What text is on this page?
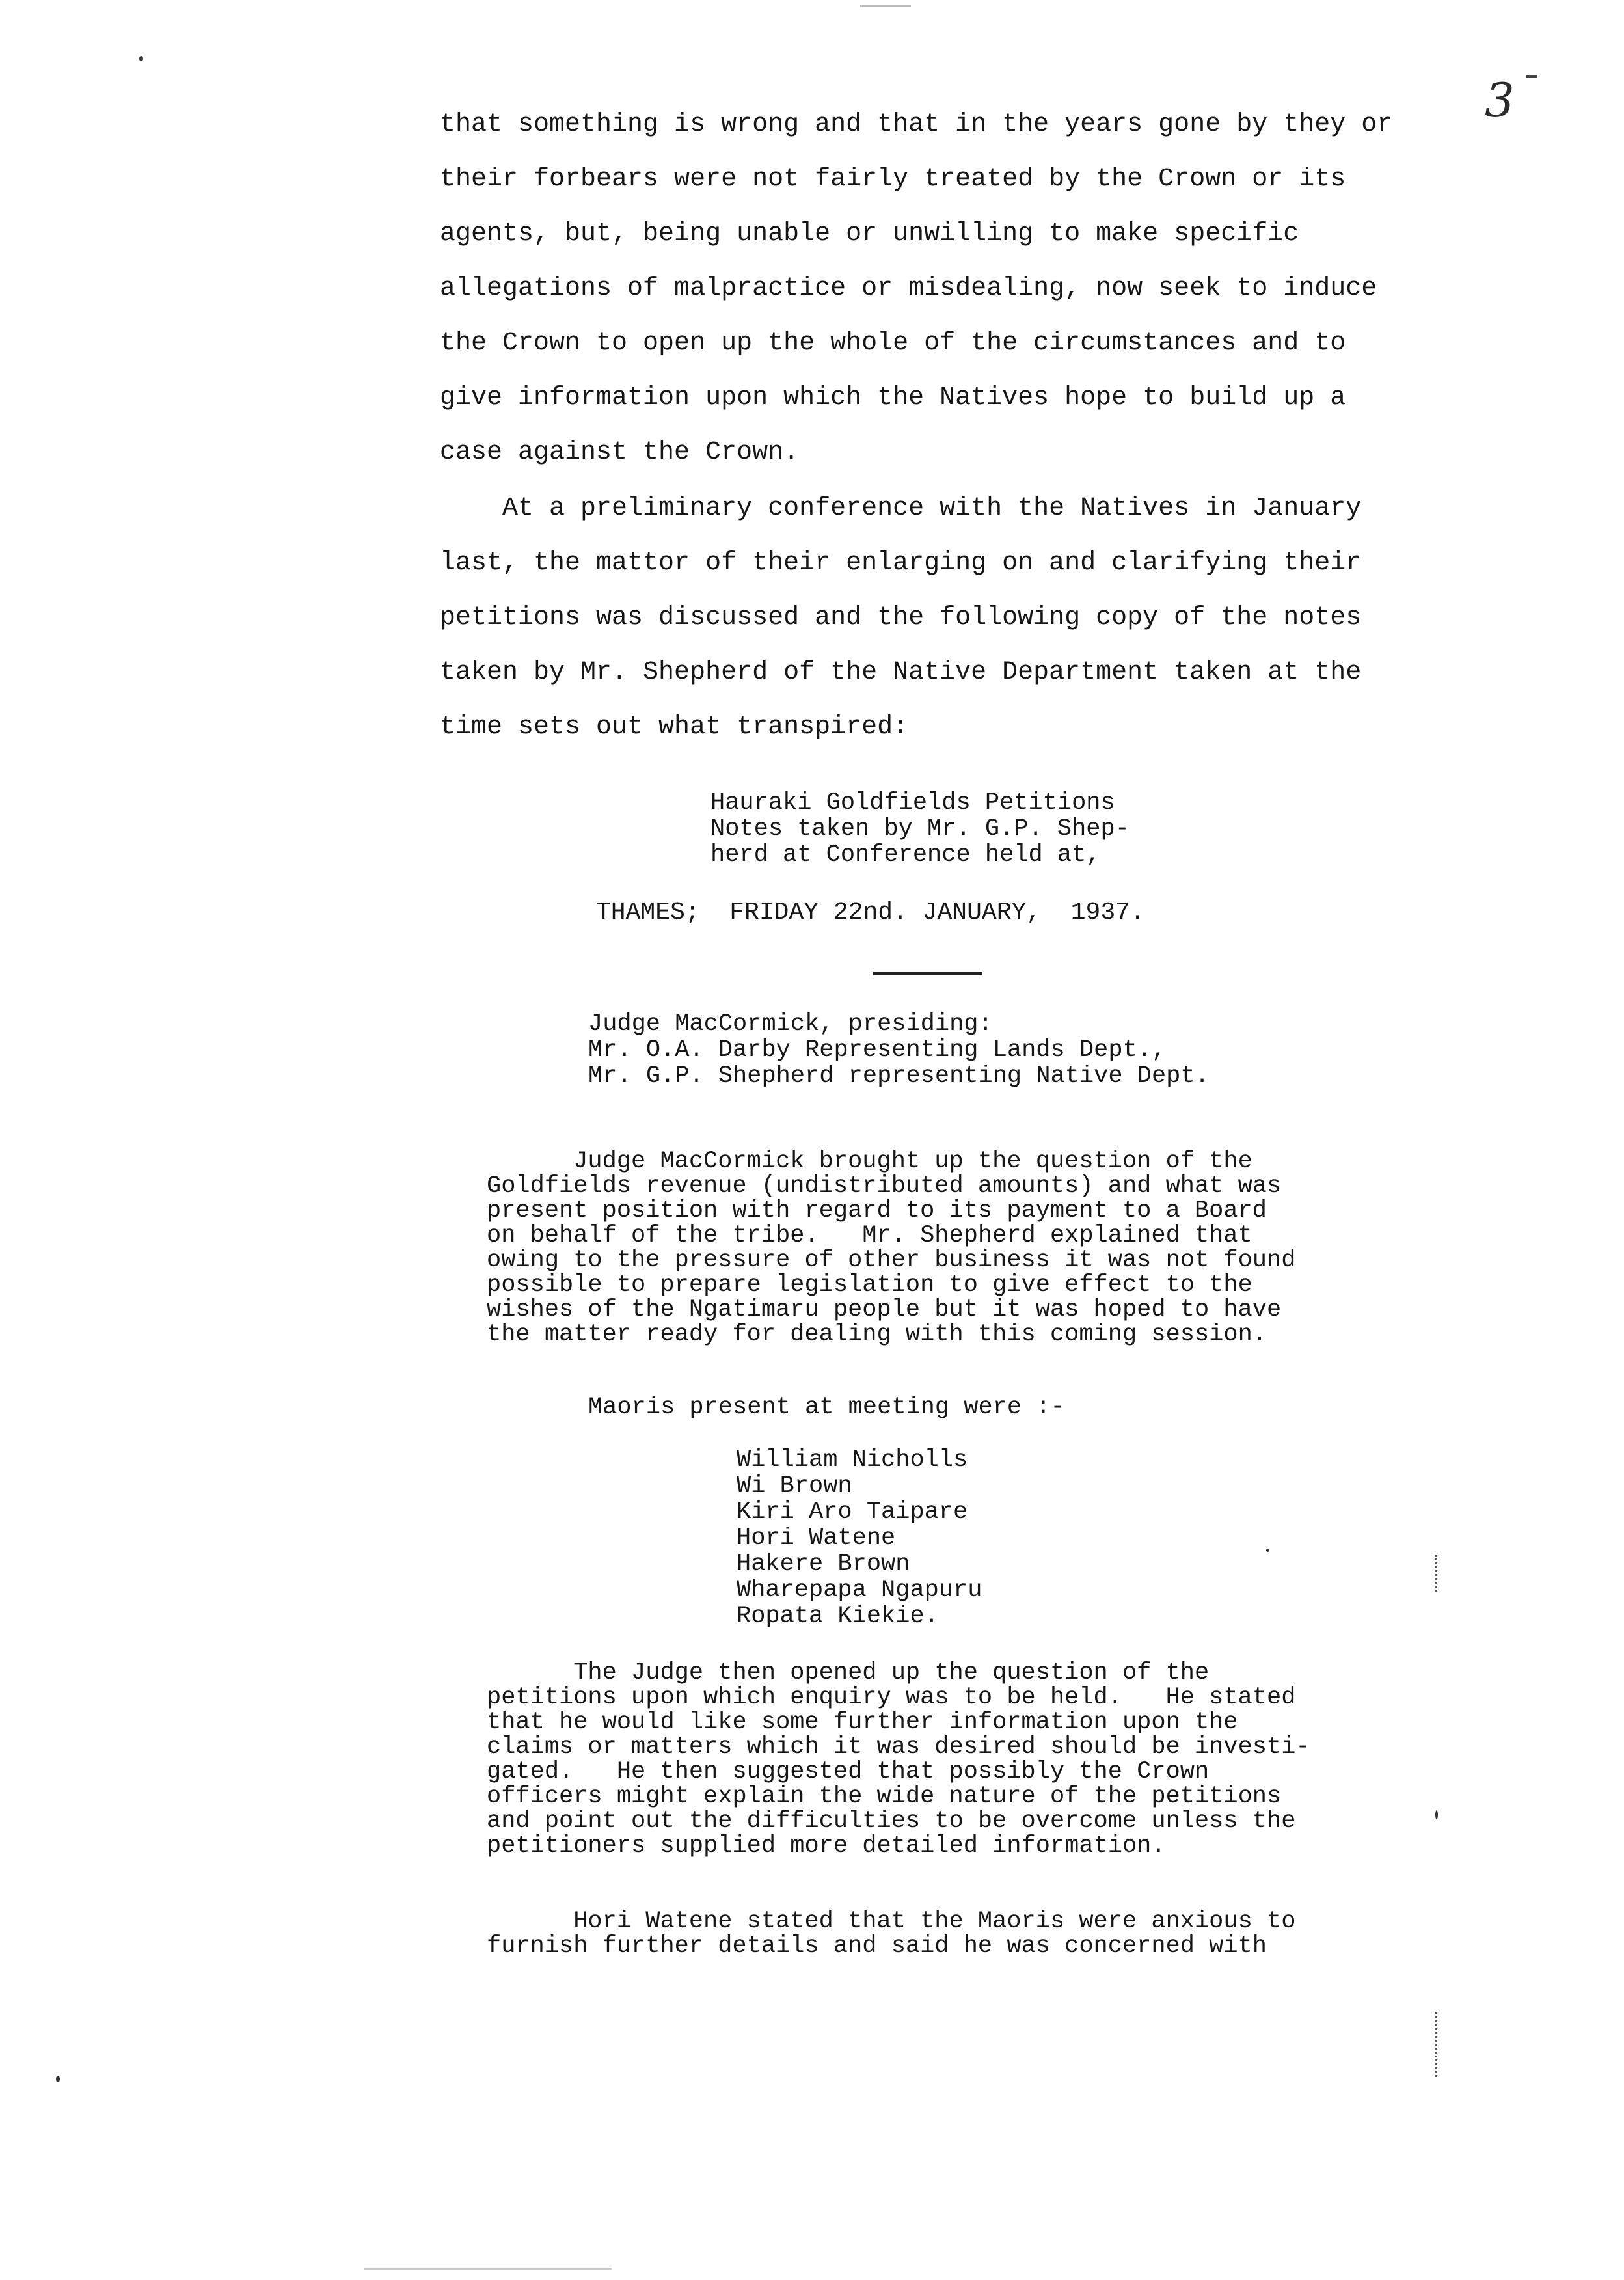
3
that something is wrong and that in the years gone by they or
their forbears were not fairly treated by the Crown or its
agents, but, being unable or unwilling to make specific
allegations of malpractice or misdealing, now seek to induce
the Crown to open up the whole of the circumstances and to
give information upon which the Natives hope to build up a
case against the Crown.
At a preliminary conference with the Natives in January
last, the mattor of their enlarging on and clarifying their
petitions was discussed and the following copy of the notes
taken by Mr. Shepherd of the Native Department taken at the
time sets out what transpired:
Hauraki Goldfields Petitions
Notes taken by Mr. G.P. Shep-
herd at Conference held at,
THAMES;  FRIDAY 22nd. JANUARY,  1937.
Judge MacCormick, presiding:
Mr. O.A. Darby Representing Lands Dept.,
Mr. G.P. Shepherd representing Native Dept.
Judge MacCormick brought up the question of the
Goldfields revenue (undistributed amounts) and what was
present position with regard to its payment to a Board
on behalf of the tribe.   Mr. Shepherd explained that
owing to the pressure of other business it was not found
possible to prepare legislation to give effect to the
wishes of the Ngatimaru people but it was hoped to have
the matter ready for dealing with this coming session.
Maoris present at meeting were :-
William Nicholls
Wi Brown
Kiri Aro Taipare
Hori Watene
Hakere Brown
Wharepapa Ngapuru
Ropata Kiekie.
The Judge then opened up the question of the
petitions upon which enquiry was to be held.   He stated
that he would like some further information upon the
claims or matters which it was desired should be investi-
gated.   He then suggested that possibly the Crown
officers might explain the wide nature of the petitions
and point out the difficulties to be overcome unless the
petitioners supplied more detailed information.
Hori Watene stated that the Maoris were anxious to
furnish further details and said he was concerned with
